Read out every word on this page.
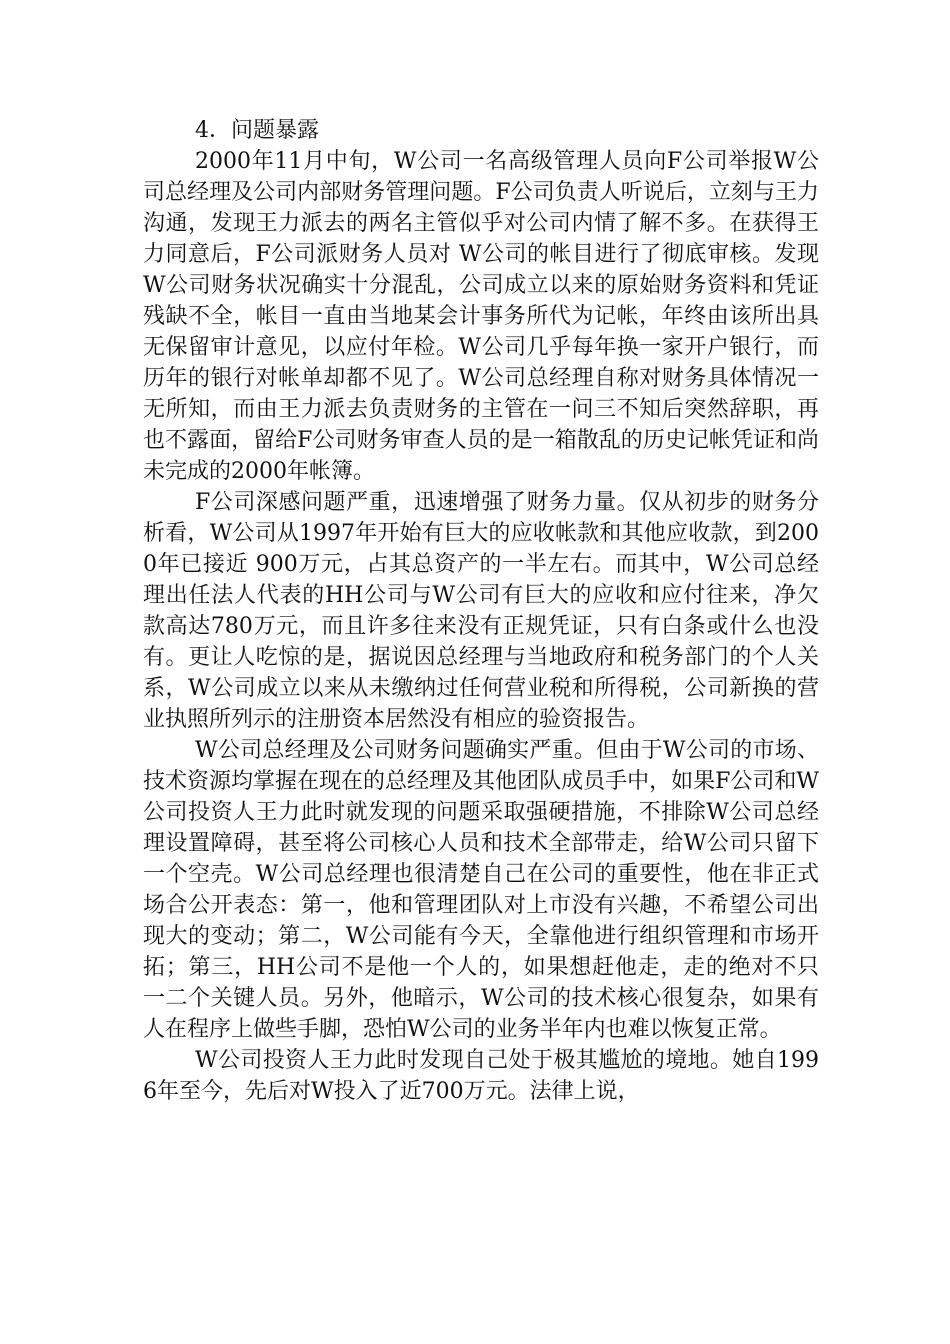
4．问题暴露

2000年11月中旬，W公司一名高级管理人员向F公司举报W公司总经理及公司内部财务管理问题。F公司负责人听说后，立刻与王力沟通，发现王力派去的两名主管似乎对公司内情了解不多。在获得王力同意后，F公司派财务人员对 W公司的帐目进行了彻底审核。发现W公司财务状况确实十分混乱，公司成立以来的原始财务资料和凭证残缺不全，帐目一直由当地某会计事务所代为记帐，年终由该所出具无保留审计意见，以应付年检。W公司几乎每年换一家开户银行，而历年的银行对帐单却都不见了。W公司总经理自称对财务具体情况一无所知，而由王力派去负责财务的主管在一问三不知后突然辞职，再也不露面，留给F公司财务审查人员的是一箱散乱的历史记帐凭证和尚未完成的2000年帐簿。

F公司深感问题严重，迅速增强了财务力量。仅从初步的财务分析看，W公司从1997年开始有巨大的应收帐款和其他应收款，到2000年已接近 900万元，占其总资产的一半左右。而其中，W公司总经理出任法人代表的HH公司与W公司有巨大的应收和应付往来，净欠款高达780万元，而且许多往来没有正规凭证，只有白条或什么也没有。更让人吃惊的是，据说因总经理与当地政府和税务部门的个人关系，W公司成立以来从未缴纳过任何营业税和所得税，公司新换的营业执照所列示的注册资本居然没有相应的验资报告。

W公司总经理及公司财务问题确实严重。但由于W公司的市场、技术资源均掌握在现在的总经理及其他团队成员手中，如果F公司和W公司投资人王力此时就发现的问题采取强硬措施，不排除W公司总经理设置障碍，甚至将公司核心人员和技术全部带走，给W公司只留下一个空壳。W公司总经理也很清楚自己在公司的重要性，他在非正式场合公开表态：第一，他和管理团队对上市没有兴趣，不希望公司出现大的变动；第二，W公司能有今天，全靠他进行组织管理和市场开拓；第三，HH公司不是他一个人的，如果想赶他走，走的绝对不只一二个关键人员。另外，他暗示，W公司的技术核心很复杂，如果有人在程序上做些手脚，恐怕W公司的业务半年内也难以恢复正常。

W公司投资人王力此时发现自己处于极其尴尬的境地。她自1996年至今，先后对W投入了近700万元。法律上说，
